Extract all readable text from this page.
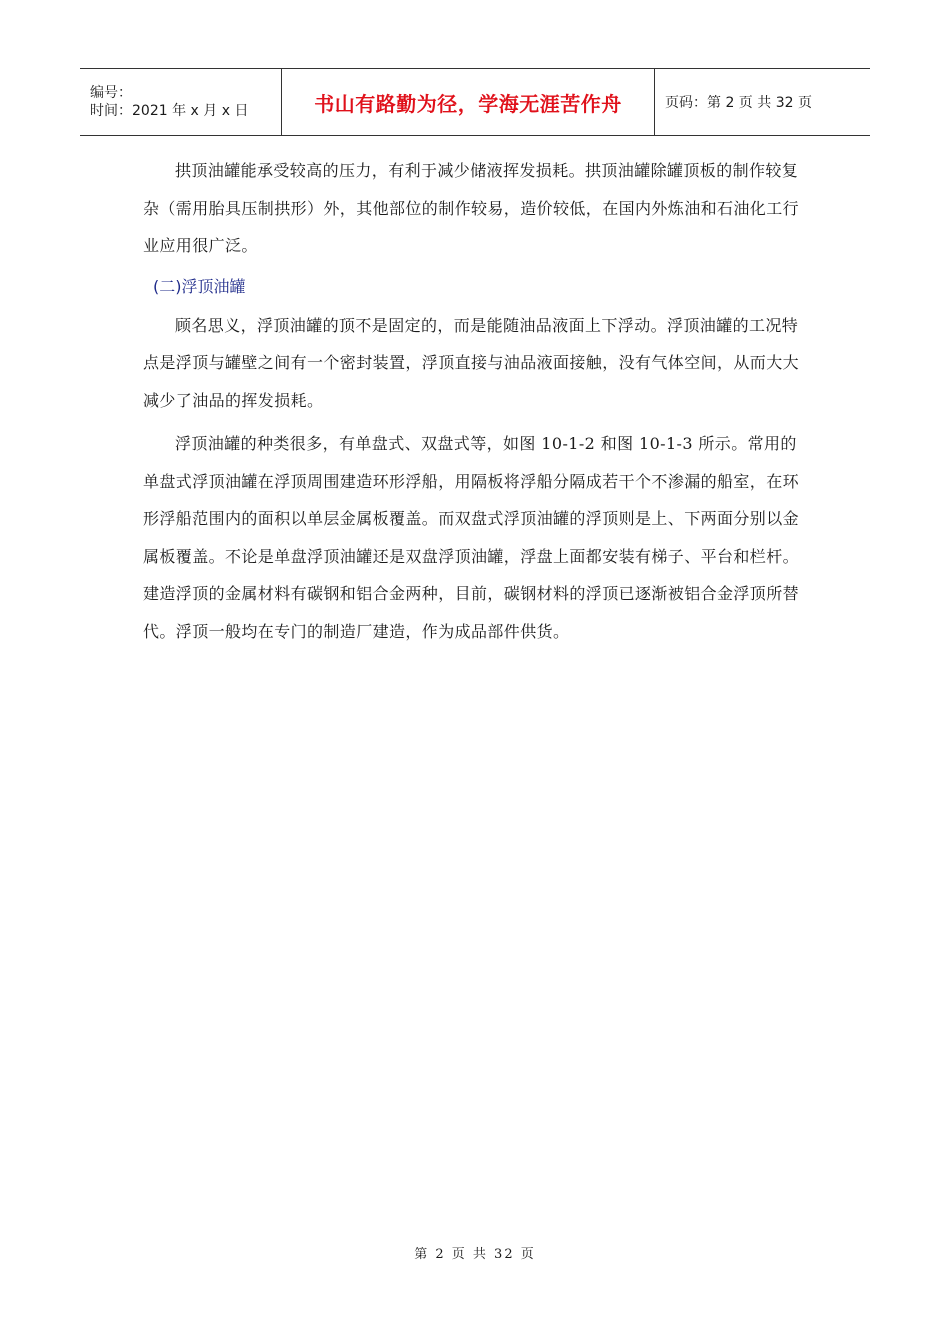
编号：
时间：2021 年 x 月 x 日	书山有路勤为径，学海无涯苦作舟	页码：第 2 页 共 32 页

拱顶油罐能承受较高的压力，有利于减少储液挥发损耗。拱顶油罐除罐顶板的制作较复杂（需用胎具压制拱形）外，其他部位的制作较易，造价较低，在国内外炼油和石油化工行业应用很广泛。

(二)浮顶油罐

顾名思义，浮顶油罐的顶不是固定的，而是能随油品液面上下浮动。浮顶油罐的工况特点是浮顶与罐壁之间有一个密封装置，浮顶直接与油品液面接触，没有气体空间，从而大大减少了油品的挥发损耗。

浮顶油罐的种类很多，有单盘式、双盘式等，如图 10-1-2 和图 10-1-3 所示。常用的单盘式浮顶油罐在浮顶周围建造环形浮船，用隔板将浮船分隔成若干个不渗漏的船室，在环形浮船范围内的面积以单层金属板覆盖。而双盘式浮顶油罐的浮顶则是上、下两面分别以金属板覆盖。不论是单盘浮顶油罐还是双盘浮顶油罐，浮盘上面都安装有梯子、平台和栏杆。建造浮顶的金属材料有碳钢和铝合金两种，目前，碳钢材料的浮顶已逐渐被铝合金浮顶所替代。浮顶一般均在专门的制造厂建造，作为成品部件供货。

第 2 页 共 32 页
